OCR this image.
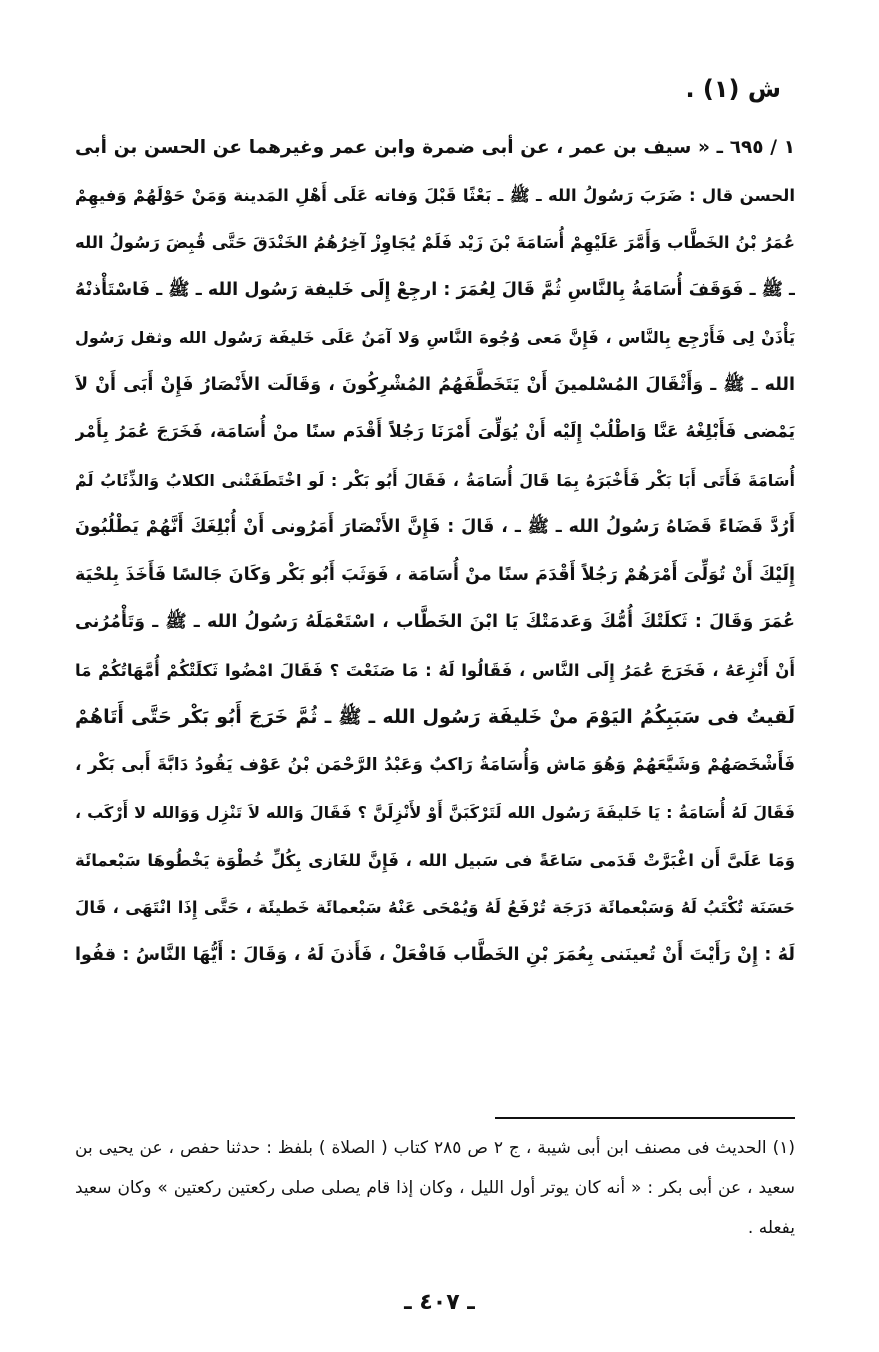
ش (١) .
١ / ٦٩٥ ـ « سيف بن عمر ، عن أبى ضمرة وابن عمر وغيرهما عن الحسن بن أبى
الحسن قال : ضَرَبَ رَسُولُ الله ـ ﷺ ـ بَعْثًا قَبْلَ وَفاته عَلَى أَهْلِ المَدينة وَمَنْ حَوْلَهُمْ وَفيهِمْ
عُمَرُ بْنُ الخَطَّاب وَأَمَّرَ عَلَيْهِمْ أُسَامَةَ بْنَ زَيْد فَلَمْ يُجَاوِزْ آخِرُهُمُ الخَنْدَقَ حَتَّى قُبِضَ رَسُولُ الله
ـ ﷺ ـ فَوَقَفَ أُسَامَةُ بِالنَّاسِ ثُمَّ قَالَ لِعُمَرَ : ارجِعْ إِلَى خَليفة رَسُول الله ـ ﷺ ـ فَاسْتَأْذنْهُ
يَأْذَنْ لِى فَأَرْجِع بِالنَّاس ، فَإِنَّ مَعى وُجُوهَ النَّاسِ وَلا آمَنُ عَلَى خَليفَة رَسُول الله وثقل رَسُول
الله ـ ﷺ ـ وَأَثْقَالَ المُسْلمينَ أَنْ يَتَخَطَّفَهُمُ المُشْرِكُونَ ، وَقَالَت الأَنْصَارُ فَإِنْ أَبَى أَنْ لاَ
يَمْضى فَأَبْلِغْهُ عَنَّا وَاطْلُبْ إِلَيْه أَنْ يُوَلِّىَ أَمْرَنَا رَجُلاً أَقْدَم سنًا منْ أُسَامَة، فَخَرَجَ عُمَرُ بِأَمْر
أُسَامَةَ فَأَتَى أَبَا بَكْر فَأَخْبَرَهُ بِمَا قَالَ أُسَامَةُ ، فَقَالَ أَبُو بَكْر : لَو اخْتَطَفَتْنى الكلابُ وَالذِّئَابُ لَمْ
أَرُدَّ قَضَاءً قَضَاهُ رَسُولُ الله ـ ﷺ ـ ، قَالَ : فَإِنَّ الأَنْصَارَ أَمَرُونى أَنْ أُبْلِغَكَ أَنَّهُمْ يَطْلُبُونَ
إِلَيْكَ أَنْ تُوَلِّىَ أَمْرَهُمْ رَجُلاً أَقْدَمَ سنًا منْ أُسَامَة ، فَوَثَبَ أَبُو بَكْر وَكَانَ جَالسًا فَأَخَذَ بِلحْيَة
عُمَرَ وَقَالَ : ثَكلَتْكَ أُمُّكَ وَعَدمَتْكَ يَا ابْنَ الخَطَّاب ، اسْتَعْمَلَهُ رَسُولُ الله ـ ﷺ ـ وَتَأْمُرُنى
أَنْ أَنْزِعَهُ ، فَخَرَجَ عُمَرُ إِلَى النَّاس ، فَقَالُوا لَهُ : مَا صَنَعْتَ ؟ فَقَالَ امْضُوا ثَكلَتْكُمْ أُمَّهَاتُكُمْ مَا
لَقيتُ فى سَبَبِكُمُ اليَوْمَ منْ خَليفَة رَسُول الله ـ ﷺ ـ ثُمَّ خَرَجَ أَبُو بَكْر حَتَّى أَتَاهُمْ
فَأَشْخَصَهُمْ وَشَيَّعَهُمْ وَهُوَ مَاش وَأُسَامَةُ رَاكبٌ وَعَبْدُ الرَّحْمَن بْنُ عَوْف يَقُودُ دَابَّةَ أَبى بَكْر ،
فَقَالَ لَهُ أُسَامَةُ : يَا خَليفَةَ رَسُول الله لَتَرْكَبَنَّ أَوْ لأَنْزِلَنَّ ؟ فَقَالَ وَالله لاَ تَنْزِل وَوَالله لا أَرْكَب ،
وَمَا عَلَىَّ أَن اغْبَرَّتْ قَدَمى سَاعَةً فى سَبيل الله ، فَإِنَّ للغَازى بِكُلِّ خُطْوَة يَخْطُوهَا سَبْعمائَة
حَسَنَة تُكْتَبُ لَهُ وَسَبْعمائَة دَرَجَة تُرْفَعُ لَهُ وَيُمْحَى عَنْهُ سَبْعمائَة خَطيئَة ، حَتَّى إِذَا انْتَهَى ، قَالَ
لَهُ : إِنْ رَأَيْتَ أَنْ تُعينَنى بِعُمَرَ بْنِ الخَطَّاب فَافْعَلْ ، فَأَذنَ لَهُ ، وَقَالَ : أَيُّهَا النَّاسُ : قفُوا
(١) الحديث فى مصنف ابن أبى شيبة ، ج ٢ ص ٢٨٥ كتاب ( الصلاة ) بلفظ : حدثنا حفص ، عن يحيى بن
سعيد ، عن أبى بكر : « أنه كان يوتر أول الليل ، وكان إذا قام يصلى صلى ركعتين ركعتين » وكان سعيد
يفعله .
ـ ٤٠٧ ـ
